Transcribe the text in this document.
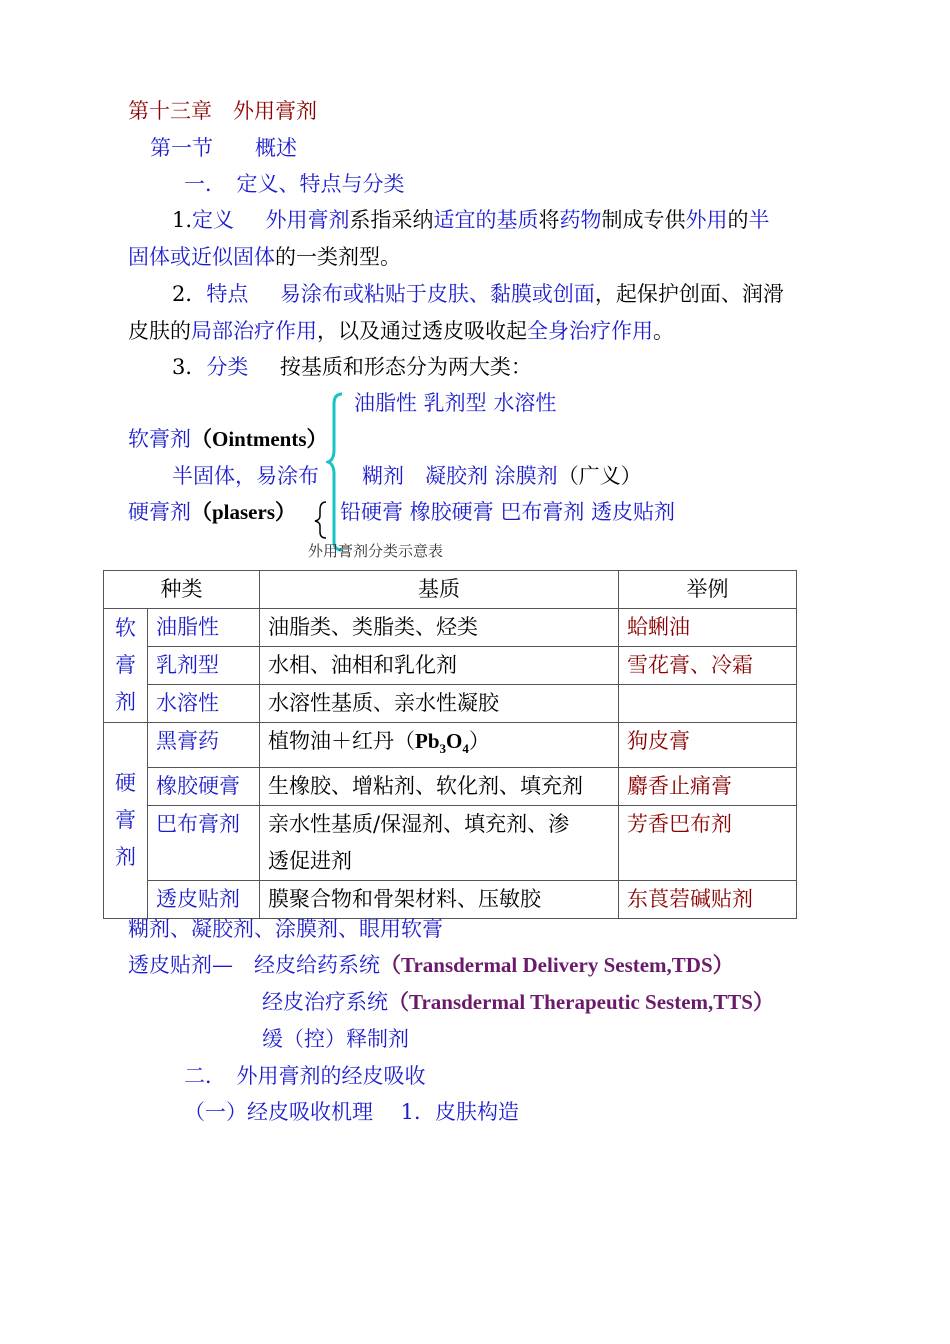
第十三章　外用膏剂
第一节　　概述
一．　定义、特点与分类
1.定义   外用膏剂系指采纳适宜的基质将药物制成专供外用的半
固体或近似固体的一类剂型。
2．特点   易涂布或粘贴于皮肤、黏膜或创面，起保护创面、润滑
皮肤的局部治疗作用，以及通过透皮吸收起全身治疗作用。
3．分类   按基质和形态分为两大类：
油脂性 乳剂型 水溶性
软膏剂（Ointments）
半固体，易涂布 糊剂　凝胶剂 涂膜剂（广义）
硬膏剂（plasers） 铅硬膏 橡胶硬膏 巴布膏剂 透皮贴剂
外用膏剂分类示意表
种类		基质	举例

软
膏
剂	油脂性	油脂类、类脂类、烃类	蛤蜊油
	乳剂型	水相、油相和乳化剂	雪花膏、冷霜
	水溶性	水溶性基质、亲水性凝胶	

硬
膏
剂	黑膏药	植物油＋红丹$(Pb_3O_4)$	狗皮膏
	橡胶硬膏	生橡胶、增粘剂、软化剂、填充剂	麝香止痛膏
	巴布膏剂	亲水性基质/保湿剂、填充剂、渗
透促进剂	芳香巴布剂
	透皮贴剂	膜聚合物和骨架材料、压敏胶	东莨菪碱贴剂
糊剂、凝胶剂、涂膜剂、眼用软膏
透皮贴剂—　经皮给药系统（Transdermal Delivery Sestem,TDS）
经皮治疗系统（Transdermal Therapeutic Sestem,TTS）
缓（控）释制剂
二．　外用膏剂的经皮吸收
（一）经皮吸收机理　 1．皮肤构造
